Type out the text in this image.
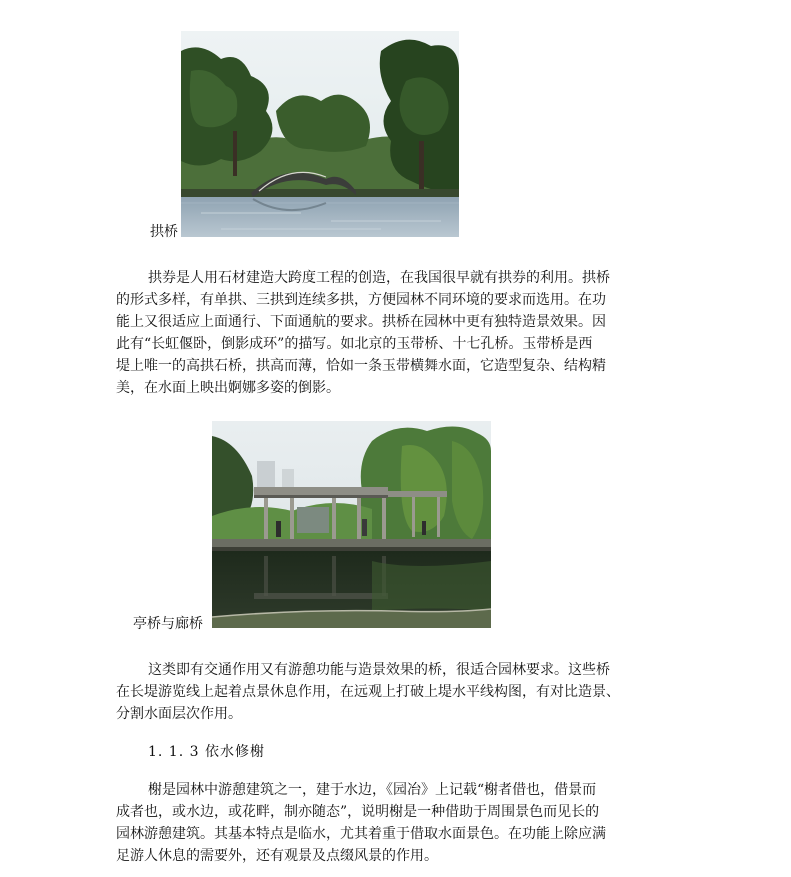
拱桥
拱券是人用石材建造大跨度工程的创造，在我国很早就有拱券的利用。拱桥
的形式多样，有单拱、三拱到连续多拱，方便园林不同环境的要求而选用。在功
能上又很适应上面通行、下面通航的要求。拱桥在园林中更有独特造景效果。因
此有“长虹偃卧，倒影成环”的描写。如北京的玉带桥、十七孔桥。玉带桥是西
堤上唯一的高拱石桥，拱高而薄，恰如一条玉带横舞水面，它造型复杂、结构精
美，在水面上映出婀娜多姿的倒影。
亭桥与廊桥
这类即有交通作用又有游憩功能与造景效果的桥，很适合园林要求。这些桥
在长堤游览线上起着点景休息作用，在远观上打破上堤水平线构图，有对比造景、
分割水面层次作用。
1. 1. 3 依水修榭
榭是园林中游憩建筑之一，建于水边，《园冶》上记载“榭者借也，借景而
成者也，或水边，或花畔，制亦随态”，说明榭是一种借助于周围景色而见长的
园林游憩建筑。其基本特点是临水，尤其着重于借取水面景色。在功能上除应满
足游人休息的需要外，还有观景及点缀风景的作用。
